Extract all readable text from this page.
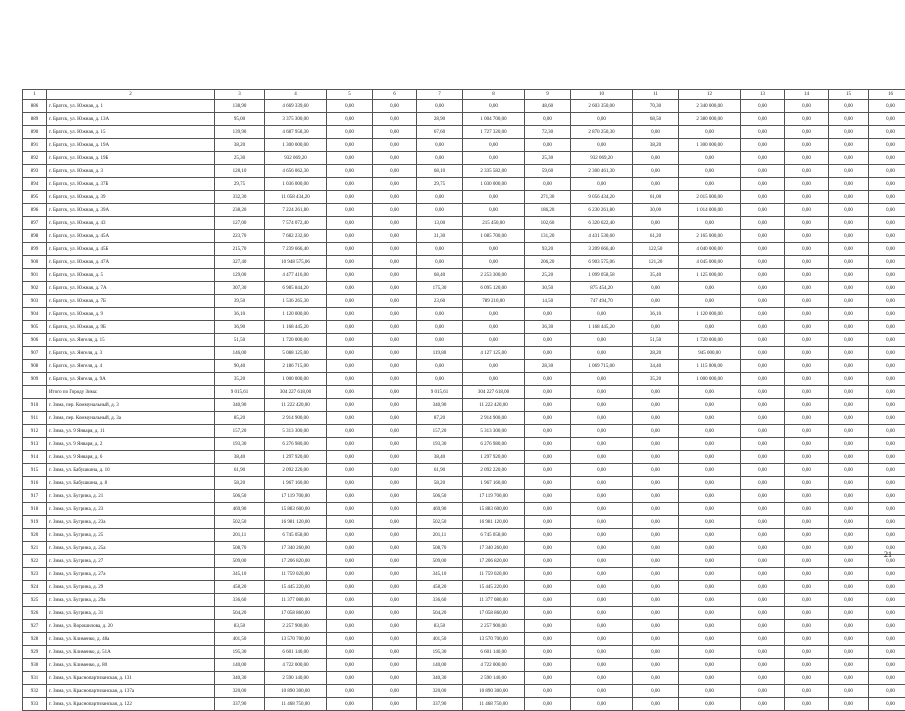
1	2	3	4	5	6	7	8	9	10	11	12	13	14	15	16
886	г. Братск, ул. Южная, д. 1	138,90	4 669 339,60	0,00	0,00	0,00	0,00	48,60	2 603 350,00	70,30	2 340 000,00	0,00	0,00	0,00	0,00
889	г. Братск, ул. Южная, д. 13А	95,00	3 375 300,00	0,00	0,00	28,90	1 004 700,00	0,00	0,00	68,50	2 380 000,00	0,00	0,00	0,00	0,00
890	г. Братск, ул. Южная, д. 15	139,90	4 687 958,30	0,00	0,00	67,60	1 727 320,00	72,30	2 870 250,30	0,00	0,00	0,00	0,00	0,00	0,00
891	г. Братск, ул. Южная, д. 19А	38,20	1 300 000,00	0,00	0,00	0,00	0,00	0,00	0,00	38,20	1 300 000,00	0,00	0,00	0,00	0,00
892	г. Братск, ул. Южная, д. 19Б	25,30	932 069,20	0,00	0,00	0,00	0,00	25,30	932 069,20	0,00	0,00	0,00	0,00	0,00	0,00
893	г. Братск, ул. Южная, д. 3	128,10	4 656 062,30	0,00	0,00	68,10	2 335 582,00	59,60	2 300 461,30	0,00	0,00	0,00	0,00	0,00	0,00
894	г. Братск, ул. Южная, д. 37Б	29,75	1 036 000,00	0,00	0,00	29,75	1 030 000,00	0,00	0,00	0,00	0,00	0,00	0,00	0,00	0,00
895	г. Братск, ул. Южная, д. 39	332,30	11 058 434,20	0,00	0,00	0,00	0,00	271,30	9 056 434,20	61,00	2 015 000,00	0,00	0,00	0,00	0,00
896	г. Братск, ул. Южная, д. 39А	238,20	7 224 261,80	0,00	0,00	0,00	0,00	186,20	6 230 261,80	30,00	1 014 000,00	0,00	0,00	0,00	0,00
897	г. Братск, ул. Южная, д. 43	127,00	7 574 072,40	0,00	0,00	13,00	215 450,00	102,60	6 320 622,40	0,00	0,00	0,00	0,00	0,00	0,00
898	г. Братск, ул. Южная, д. 45А	223,70	7 682 232,60	0,00	0,00	31,30	1 085 700,00	131,20	4 431 530,60	61,20	2 165 000,00	0,00	0,00	0,00	0,00
899	г. Братск, ул. Южная, д. 45Б	215,70	7 239 666,40	0,00	0,00	0,00	0,00	93,20	3 209 666,40	122,50	4 040 000,00	0,00	0,00	0,00	0,00
900	г. Братск, ул. Южная, д. 47А	327,40	10 948 575,06	0,00	0,00	0,00	0,00	206,20	6 903 575,06	121,20	4 045 000,00	0,00	0,00	0,00	0,00
901	г. Братск, ул. Южная, д. 5	129,00	4 477 416,00	0,00	0,00	68,40	2 253 300,00	25,20	1 099 058,58	35,40	1 125 000,00	0,00	0,00	0,00	0,00
902	г. Братск, ул. Южная, д. 7А	307,30	6 985 844,20	0,00	0,00	175,30	6 095 120,00	30,50	875 454,20	0,00	0,00	0,00	0,00	0,00	0,00
903	г. Братск, ул. Южная, д. 7Б	39,50	1 536 265,30	0,00	0,00	23,60	789 210,00	14,50	747 494,70	0,00	0,00	0,00	0,00	0,00	0,00
904	г. Братск, ул. Южная, д. 9	36,10	1 120 000,00	0,00	0,00	0,00	0,00	0,00	0,00	36,10	1 120 000,00	0,00	0,00	0,00	0,00
905	г. Братск, ул. Южная, д. 9Б	36,90	1 168 445,20	0,00	0,00	0,00	0,00	36,30	1 168 445,20	0,00	0,00	0,00	0,00	0,00	0,00
906	г. Братск, ул. Янгеля, д. 15	51,50	1 720 000,00	0,00	0,00	0,00	0,00	0,00	0,00	51,50	1 720 000,00	0,00	0,00	0,00	0,00
907	г. Братск, ул. Янгеля, д. 3	146,00	5 088 125,00	0,00	0,00	119,80	4 127 125,00	0,00	0,00	28,20	945 000,00	0,00	0,00	0,00	0,00
908	г. Братск, ул. Янгеля, д. 4	90,40	2 186 715,00	0,00	0,00	0,00	0,00	28,30	1 069 715,00	34,40	1 115 000,00	0,00	0,00	0,00	0,00
909	г. Братск, ул. Янгеля, д. 9А	35,20	1 000 000,00	0,00	0,00	0,00	0,00	0,00	0,00	35,20	1 000 000,00	0,00	0,00	0,00	0,00
	Итого по Городу Зима:	9 015,61	304 227 618,00	0,00	0,00	9 015,61	304 227 618,00	0,00	0,00	0,00	0,00	0,00	0,00	0,00	0,00
910	г. Зима, пер. Коммунальный, д. 3	340,90	11 222 420,00	0,00	0,00	340,90	11 222 420,00	0,00	0,00	0,00	0,00	0,00	0,00	0,00	0,00
911	г. Зима, пер. Коммунальный, д. 3а	85,20	2 914 900,00	0,00	0,00	87,20	2 914 900,00	0,00	0,00	0,00	0,00	0,00	0,00	0,00	0,00
912	г. Зима, ул. 9 Января, д. 11	157,20	5 313 300,00	0,00	0,00	157,20	5 313 300,00	0,00	0,00	0,00	0,00	0,00	0,00	0,00	0,00
913	г. Зима, ул. 9 Января, д. 2	193,30	6 276 980,00	0,00	0,00	193,30	6 276 980,00	0,00	0,00	0,00	0,00	0,00	0,00	0,00	0,00
914	г. Зима, ул. 9 Января, д. 6	38,40	1 297 920,00	0,00	0,00	38,40	1 297 920,00	0,00	0,00	0,00	0,00	0,00	0,00	0,00	0,00
915	г. Зима, ул. Бабушкина, д. 10	61,90	2 092 220,00	0,00	0,00	61,90	2 092 220,00	0,00	0,00	0,00	0,00	0,00	0,00	0,00	0,00
916	г. Зима, ул. Бабушкина, д. 8	58,20	1 967 160,00	0,00	0,00	58,20	1 967 160,00	0,00	0,00	0,00	0,00	0,00	0,00	0,00	0,00
917	г. Зима, ул. Бугрина, д. 21	506,50	17 119 700,00	0,00	0,00	506,50	17 119 700,00	0,00	0,00	0,00	0,00	0,00	0,00	0,00	0,00
918	г. Зима, ул. Бугрина, д. 23	469,90	15 883 600,00	0,00	0,00	469,90	15 883 600,00	0,00	0,00	0,00	0,00	0,00	0,00	0,00	0,00
919	г. Зима, ул. Бугрина, д. 23а	502,50	16 981 120,00	0,00	0,00	502,50	16 981 120,00	0,00	0,00	0,00	0,00	0,00	0,00	0,00	0,00
920	г. Зима, ул. Бугрина, д. 25	201,11	6 745 058,00	0,00	0,00	201,11	6 745 058,00	0,00	0,00	0,00	0,00	0,00	0,00	0,00	0,00
921	г. Зима, ул. Бугрина, д. 25а	508,70	17 340 260,00	0,00	0,00	508,70	17 340 260,00	0,00	0,00	0,00	0,00	0,00	0,00	0,00	0,00
922	г. Зима, ул. Бугрина, д. 27	509,00	17 206 820,00	0,00	0,00	509,00	17 206 820,00	0,00	0,00	0,00	0,00	0,00	0,00	0,00	0,00
923	г. Зима, ул. Бугрина, д. 27а	345,10	11 759 020,00	0,00	0,00	345,10	11 759 020,00	0,00	0,00	0,00	0,00	0,00	0,00	0,00	0,00
924	г. Зима, ул. Бугрина, д. 29	458,20	15 445 220,00	0,00	0,00	458,20	15 445 220,00	0,00	0,00	0,00	0,00	0,00	0,00	0,00	0,00
925	г. Зима, ул. Бугрина, д. 29а	336,60	11 377 080,00	0,00	0,00	336,60	11 377 080,00	0,00	0,00	0,00	0,00	0,00	0,00	0,00	0,00
926	г. Зима, ул. Бугрина, д. 31	504,20	17 058 860,00	0,00	0,00	504,20	17 058 860,00	0,00	0,00	0,00	0,00	0,00	0,00	0,00	0,00
927	г. Зима, ул. Ворошилова, д. 20	83,50	2 257 900,00	0,00	0,00	83,50	2 257 900,00	0,00	0,00	0,00	0,00	0,00	0,00	0,00	0,00
928	г. Зима, ул. Клименко, д. 48а	401,50	13 570 700,00	0,00	0,00	401,50	13 570 700,00	0,00	0,00	0,00	0,00	0,00	0,00	0,00	0,00
929	г. Зима, ул. Клименко, д. 51А	195,30	6 601 140,00	0,00	0,00	195,30	6 601 140,00	0,00	0,00	0,00	0,00	0,00	0,00	0,00	0,00
930	г. Зима, ул. Клименко, д. 80	140,00	4 722 000,00	0,00	0,00	140,00	4 722 000,00	0,00	0,00	0,00	0,00	0,00	0,00	0,00	0,00
931	г. Зима, ул. Краснопартизанская, д. 131	340,30	2 590 140,00	0,00	0,00	340,30	2 590 140,00	0,00	0,00	0,00	0,00	0,00	0,00	0,00	0,00
932	г. Зима, ул. Краснопартизанская, д. 137а	320,00	10 890 300,00	0,00	0,00	320,00	10 890 300,00	0,00	0,00	0,00	0,00	0,00	0,00	0,00	0,00
933	г. Зима, ул. Краснопартизанская, д. 122	337,90	11 468 750,00	0,00	0,00	337,90	11 468 750,00	0,00	0,00	0,00	0,00	0,00	0,00	0,00	0,00
21
